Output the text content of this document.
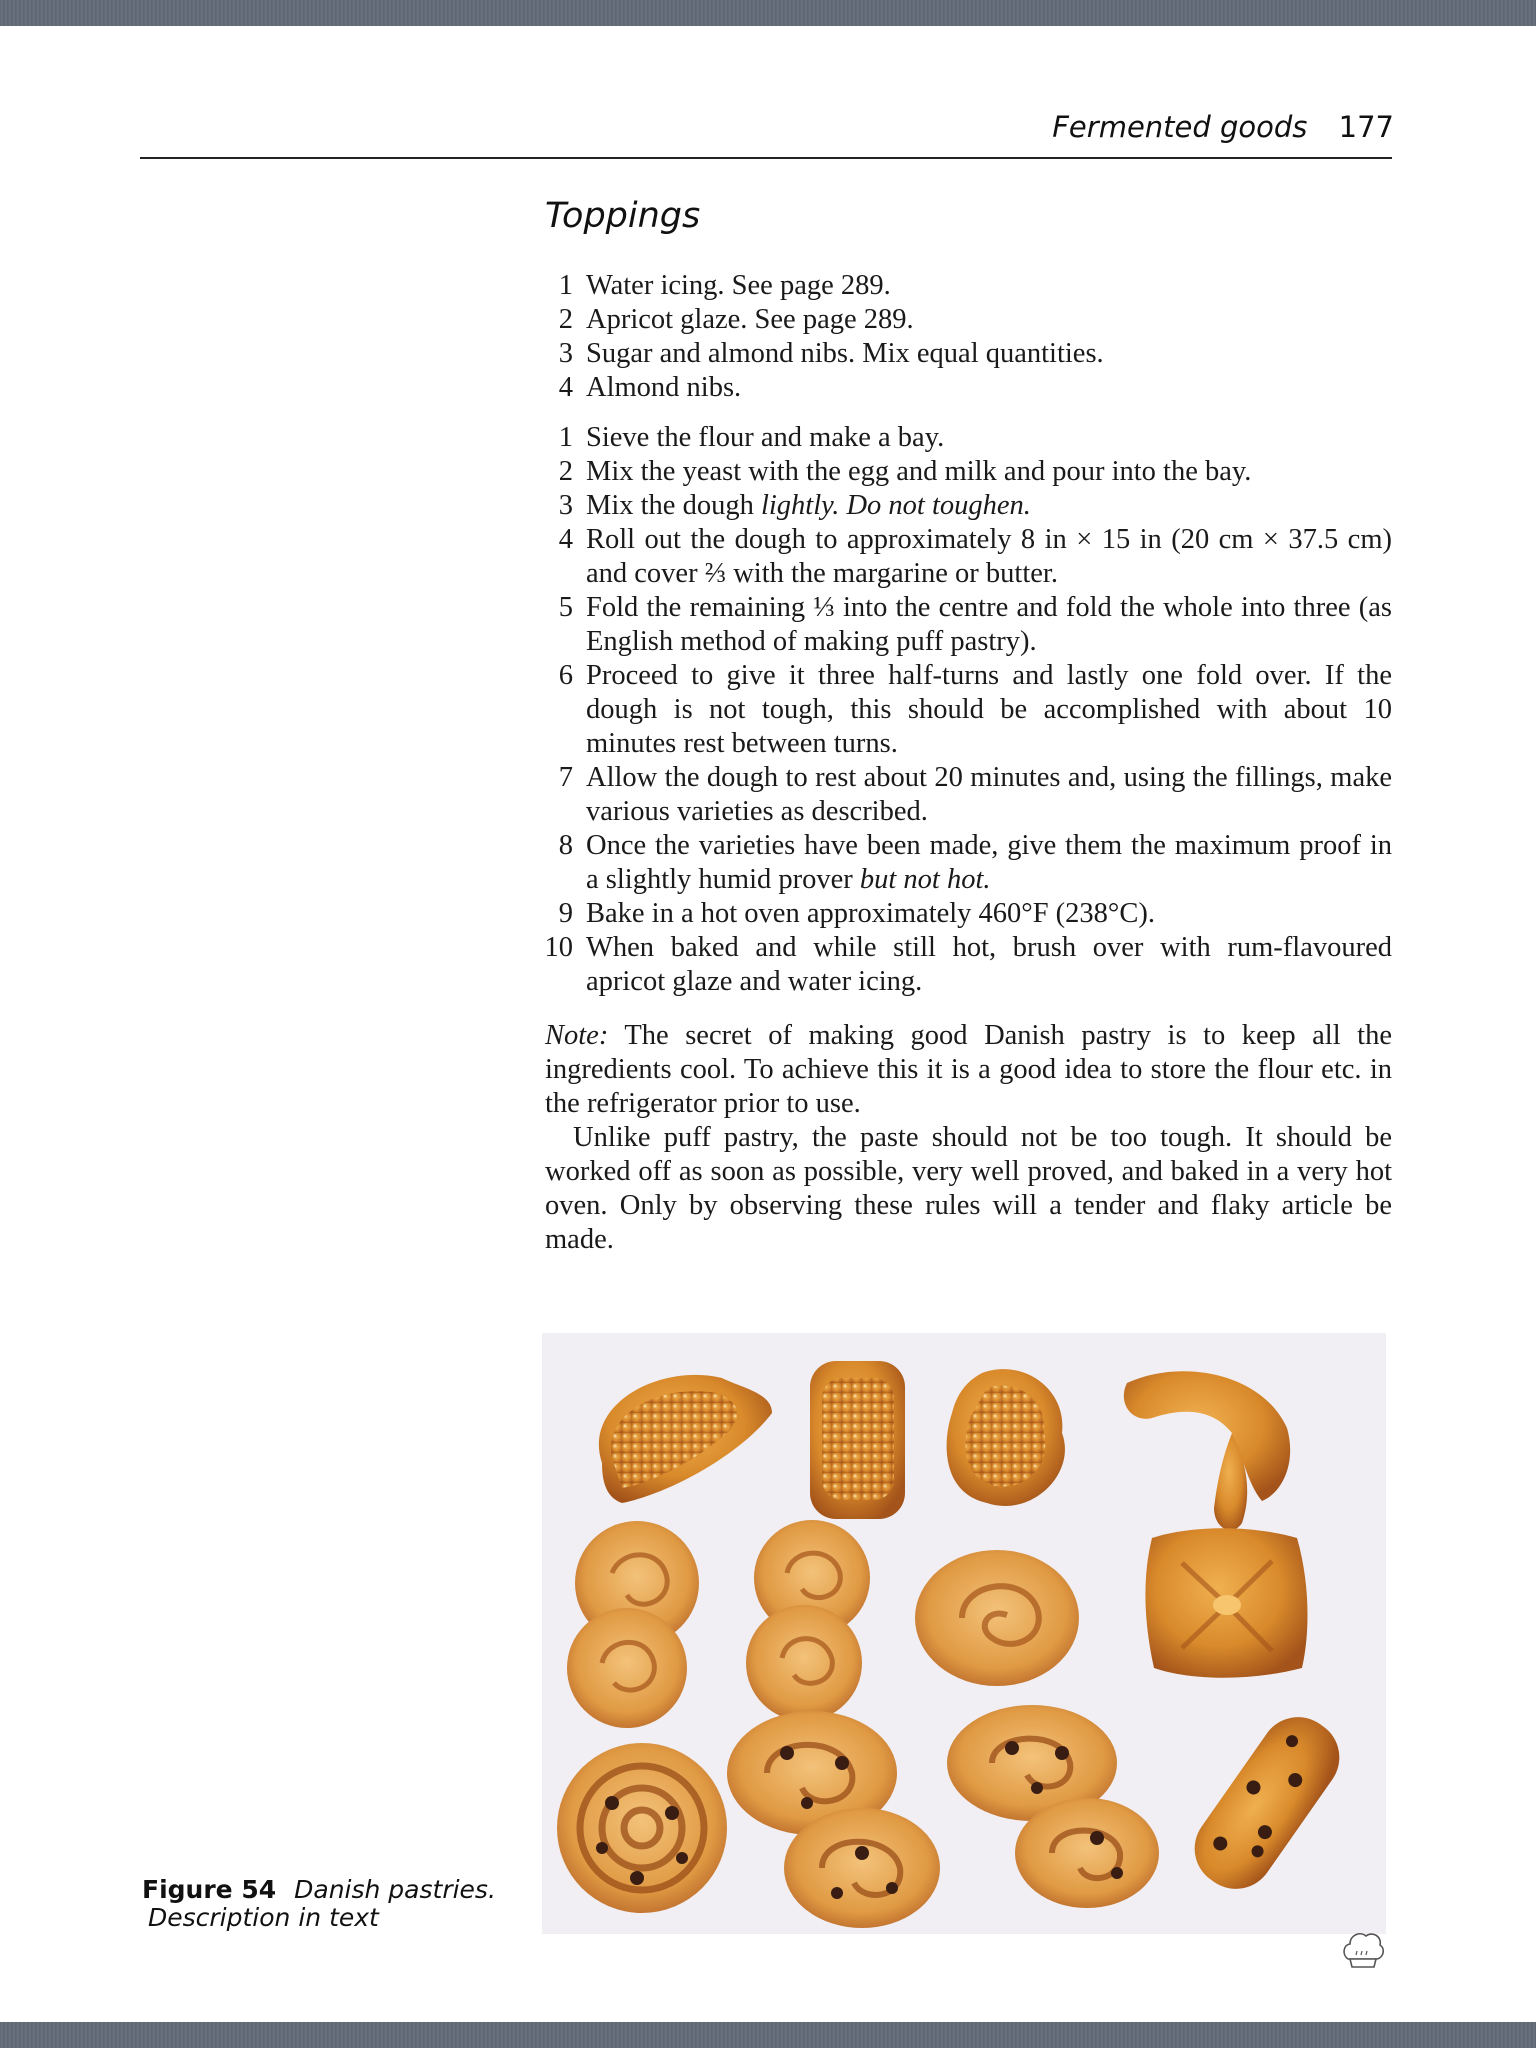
Fermented goods 177
Toppings
1 Water icing. See page 289.
2 Apricot glaze. See page 289.
3 Sugar and almond nibs. Mix equal quantities.
4 Almond nibs.
1 Sieve the flour and make a bay.
2 Mix the yeast with the egg and milk and pour into the bay.
3 Mix the dough lightly. Do not toughen.
4 Roll out the dough to approximately 8 in × 15 in (20 cm × 37.5 cm) and cover ⅔ with the margarine or butter.
5 Fold the remaining ⅓ into the centre and fold the whole into three (as English method of making puff pastry).
6 Proceed to give it three half-turns and lastly one fold over. If the dough is not tough, this should be accomplished with about 10 minutes rest between turns.
7 Allow the dough to rest about 20 minutes and, using the fillings, make various varieties as described.
8 Once the varieties have been made, give them the maximum proof in a slightly humid prover but not hot.
9 Bake in a hot oven approximately 460°F (238°C).
10 When baked and while still hot, brush over with rum-flavoured apricot glaze and water icing.

Note: The secret of making good Danish pastry is to keep all the ingredients cool. To achieve this it is a good idea to store the flour etc. in the refrigerator prior to use.

Unlike puff pastry, the paste should not be too tough. It should be worked off as soon as possible, very well proved, and baked in a very hot oven. Only by observing these rules will a tender and flaky article be made.

Figure 54 Danish pastries.
Description in text
